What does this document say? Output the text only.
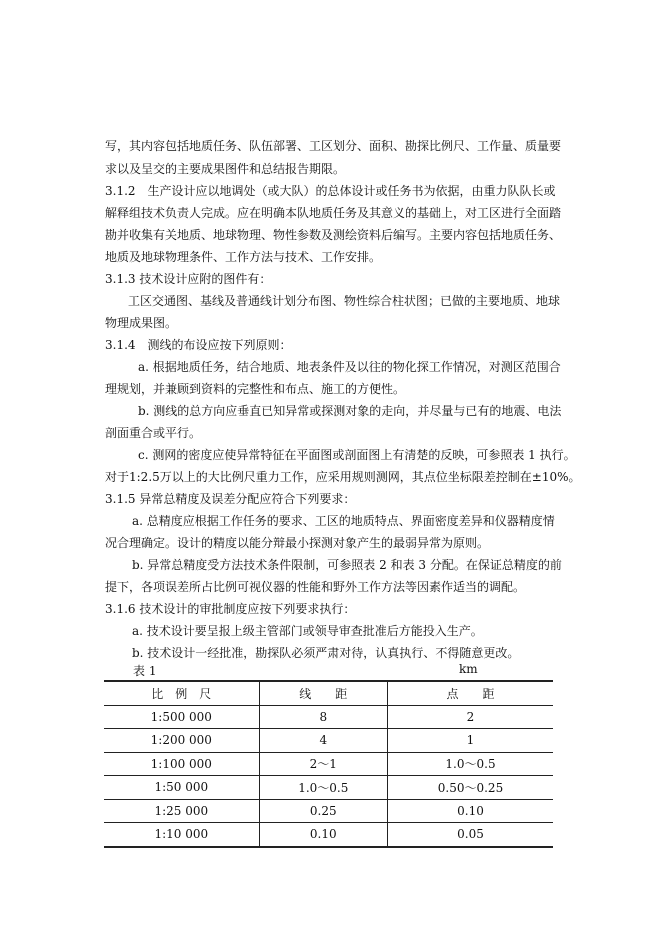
写，其内容包括地质任务、队伍部署、工区划分、面积、勘探比例尺、工作量、质量要
求以及呈交的主要成果图件和总结报告期限。
3.1.2　生产设计应以地调处（或大队）的总体设计或任务书为依据，由重力队队长或
解释组技术负责人完成。应在明确本队地质任务及其意义的基础上，对工区进行全面踏
勘并收集有关地质、地球物理、物性参数及测绘资料后编写。主要内容包括地质任务、
地质及地球物理条件、工作方法与技术、工作安排。
3.1.3 技术设计应附的图件有：
工区交通图、基线及普通线计划分布图、物性综合柱状图；已做的主要地质、地球
物理成果图。
3.1.4　测线的布设应按下列原则：
a. 根据地质任务，结合地质、地表条件及以往的物化探工作情况，对测区范围合
理规划，并兼顾到资料的完整性和布点、施工的方便性。
b. 测线的总方向应垂直已知异常或探测对象的走向，并尽量与已有的地震、电法
剖面重合或平行。
c. 测网的密度应使异常特征在平面图或剖面图上有清楚的反映，可参照表 1 执行。
对于1:2.5万以上的大比例尺重力工作，应采用规则测网，其点位坐标限差控制在±10%。
3.1.5 异常总精度及误差分配应符合下列要求：
a. 总精度应根据工作任务的要求、工区的地质特点、界面密度差异和仪器精度情
况合理确定。设计的精度以能分辩最小探测对象产生的最弱异常为原则。
b. 异常总精度受方法技术条件限制，可参照表 2 和表 3 分配。在保证总精度的前
提下，各项误差所占比例可视仪器的性能和野外工作方法等因素作适当的调配。
3.1.6 技术设计的审批制度应按下列要求执行：
a. 技术设计要呈报上级主管部门或领导审查批准后方能投入生产。
b. 技术设计一经批准，勘探队必须严肃对待，认真执行、不得随意更改。
表 1	km
比　例　尺	线　　距	点　　距
1:500 000	8	2
1:200 000	4	1
1:100 000	2～1	1.0～0.5
1:50 000	1.0～0.5	0.50～0.25
1:25 000	0.25	0.10
1:10 000	0.10	0.05
